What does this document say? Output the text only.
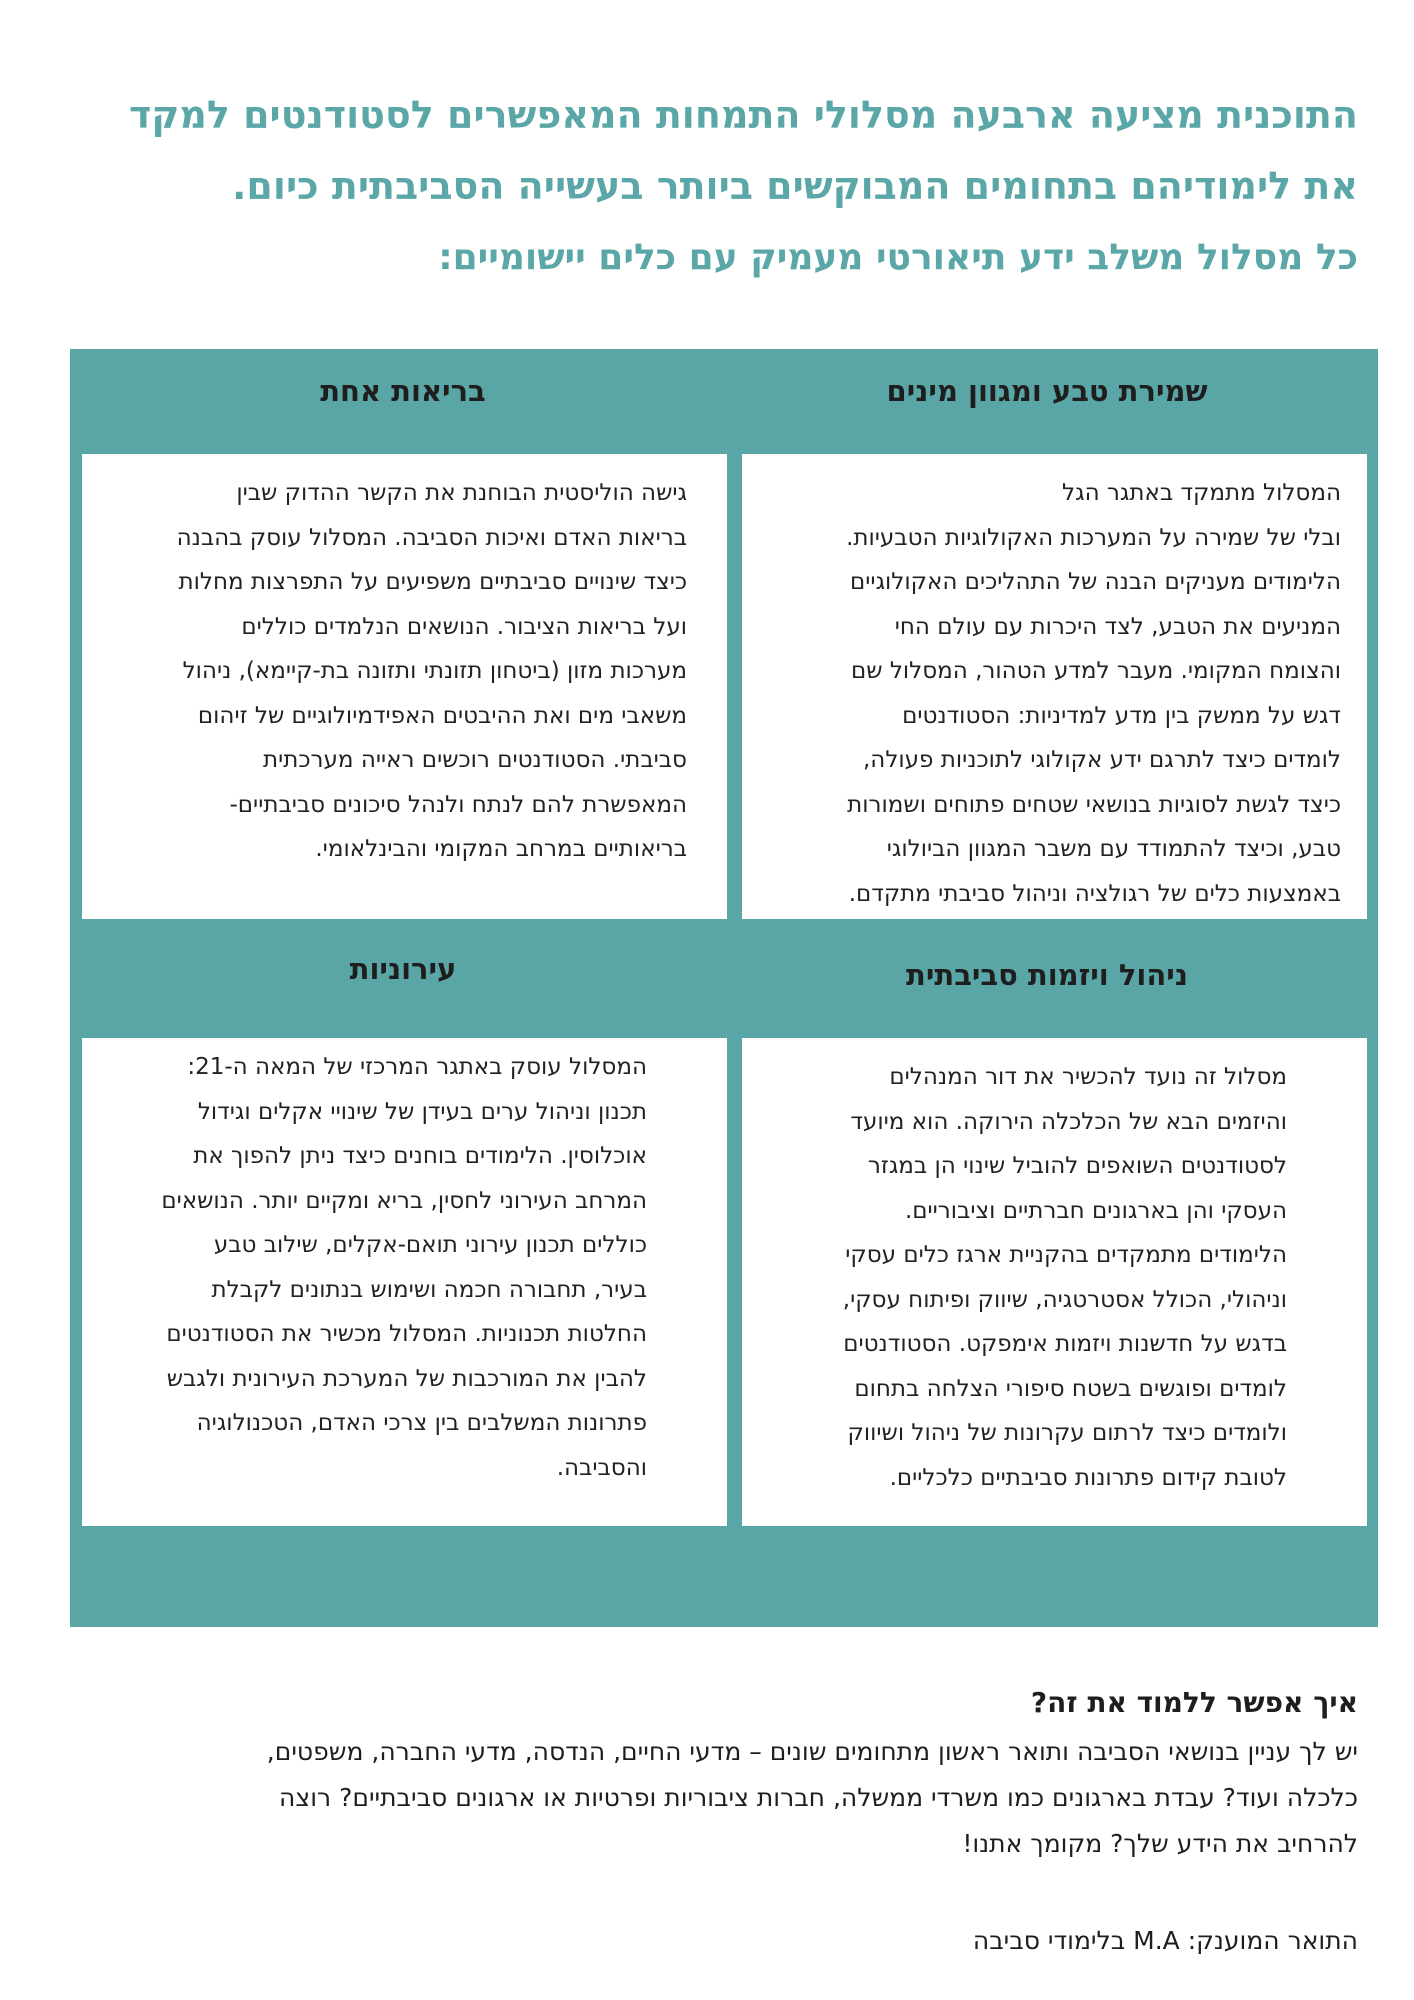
התוכנית מציעה ארבעה מסלולי התמחות המאפשרים לסטודנטים למקד
את לימודיהם בתחומים המבוקשים ביותר בעשייה הסביבתית כיום.
כל מסלול משלב ידע תיאורטי מעמיק עם כלים יישומיים:
שמירת טבע ומגוון מינים

המסלול מתמקד באתגר הגל

ובלי של שמירה על המערכות האקולוגיות הטבעיות.

הלימודים מעניקים הבנה של התהליכים האקולוגיים

המניעים את הטבע, לצד היכרות עם עולם החי

והצומח המקומי. מעבר למדע הטהור, המסלול שם

דגש על ממשק בין מדע למדיניות: הסטודנטים

לומדים כיצד לתרגם ידע אקולוגי לתוכניות פעולה,

כיצד לגשת לסוגיות בנושאי שטחים פתוחים ושמורות

טבע, וכיצד להתמודד עם משבר המגוון הביולוגי

באמצעות כלים של רגולציה וניהול סביבתי מתקדם.

בריאות אחת

גישה הוליסטית הבוחנת את הקשר ההדוק שבין

בריאות האדם ואיכות הסביבה. המסלול עוסק בהבנה

כיצד שינויים סביבתיים משפיעים על התפרצות מחלות

ועל בריאות הציבור. הנושאים הנלמדים כוללים

מערכות מזון (ביטחון תזונתי ותזונה בת-קיימא), ניהול

משאבי מים ואת ההיבטים האפידמיולוגיים של זיהום

סביבתי. הסטודנטים רוכשים ראייה מערכתית

המאפשרת להם לנתח ולנהל סיכונים סביבתיים-

בריאותיים במרחב המקומי והבינלאומי.

ניהול ויזמות סביבתית

מסלול זה נועד להכשיר את דור המנהלים

והיזמים הבא של הכלכלה הירוקה. הוא מיועד

לסטודנטים השואפים להוביל שינוי הן במגזר

העסקי והן בארגונים חברתיים וציבוריים.

הלימודים מתמקדים בהקניית ארגז כלים עסקי

וניהולי, הכולל אסטרטגיה, שיווק ופיתוח עסקי,

בדגש על חדשנות ויזמות אימפקט. הסטודנטים

לומדים ופוגשים בשטח סיפורי הצלחה בתחום

ולומדים כיצד לרתום עקרונות של ניהול ושיווק

לטובת קידום פתרונות סביבתיים כלכליים.

עירוניות

המסלול עוסק באתגר המרכזי של המאה ה-21:

תכנון וניהול ערים בעידן של שינויי אקלים וגידול

אוכלוסין. הלימודים בוחנים כיצד ניתן להפוך את

המרחב העירוני לחסין, בריא ומקיים יותר. הנושאים

כוללים תכנון עירוני תואם-אקלים, שילוב טבע

בעיר, תחבורה חכמה ושימוש בנתונים לקבלת

החלטות תכנוניות. המסלול מכשיר את הסטודנטים

להבין את המורכבות של המערכת העירונית ולגבש

פתרונות המשלבים בין צרכי האדם, הטכנולוגיה

והסביבה.

איך אפשר ללמוד את זה?

יש לך עניין בנושאי הסביבה ותואר ראשון מתחומים שונים – מדעי החיים, הנדסה, מדעי החברה, משפטים,

כלכלה ועוד? עבדת בארגונים כמו משרדי ממשלה, חברות ציבוריות ופרטיות או ארגונים סביבתיים? רוצה

להרחיב את הידע שלך? מקומך אתנו!

התואר המוענק: M.A בלימודי סביבה
